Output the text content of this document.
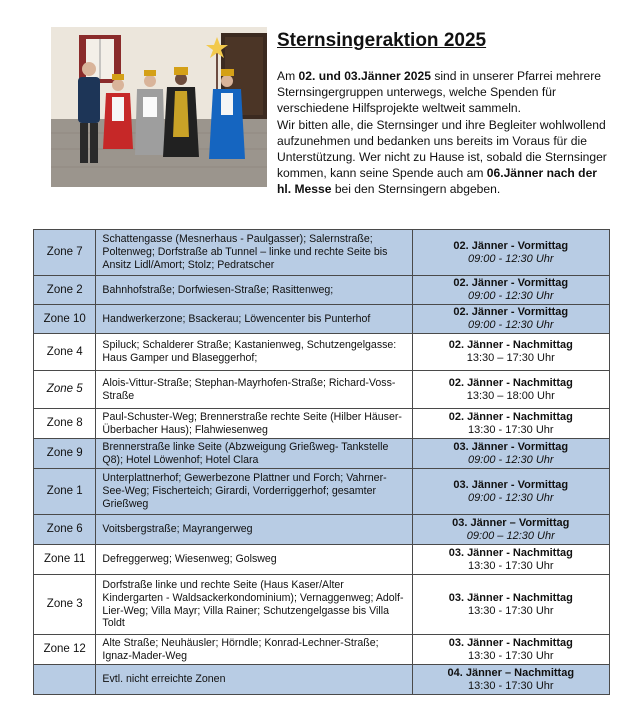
Sternsingeraktion 2025

Am 02. und 03.Jänner 2025 sind in unserer Pfarrei mehrere Sternsingergruppen unterwegs, welche Spenden für verschiedene Hilfsprojekte weltweit sammeln.

Wir bitten alle, die Sternsinger und ihre Begleiter wohlwollend aufzunehmen und bedanken uns bereits im Voraus für die Unterstützung. Wer nicht zu Hause ist, sobald die Sternsinger kommen, kann seine Spende auch am 06.Jänner nach der hl. Messe bei den Sternsingern abgeben.

Zone 7	Schattengasse (Mesnerhaus - Paulgasser); Salernstraße; Poltenweg; Dorfstraße ab Tunnel – linke und rechte Seite bis Ansitz Lidl/Amort; Stolz; Pedratscher	02. Jänner - Vormittag
09:00 - 12:30 Uhr

Zone 2	Bahnhofstraße; Dorfwiesen-Straße; Rasittenweg;	02. Jänner - Vormittag
09:00 - 12:30 Uhr

Zone 10	Handwerkerzone; Bsackerau; Löwencenter bis Punterhof	02. Jänner - Vormittag
09:00 - 12:30 Uhr

Zone 4	Spiluck; Schalderer Straße; Kastanienweg, Schutzengelgasse: Haus Gamper und Blaseggerhof;	02. Jänner - Nachmittag
13:30 – 17:30 Uhr

Zone 5	Alois-Vittur-Straße; Stephan-Mayrhofen-Straße; Richard-Voss-Straße	02. Jänner - Nachmittag
13:30 – 18:00 Uhr

Zone 8	Paul-Schuster-Weg; Brennerstraße rechte Seite (Hilber Häuser- Überbacher Haus); Flahwiesenweg	02. Jänner - Nachmittag
13:30 - 17:30 Uhr

Zone 9	Brennerstraße linke Seite (Abzweigung Grießweg- Tankstelle Q8); Hotel Löwenhof; Hotel Clara	03. Jänner - Vormittag
09:00 - 12:30 Uhr

Zone 1	Unterplattnerhof; Gewerbezone Plattner und Forch; Vahrner-See-Weg; Fischerteich; Girardi, Vorderriggerhof; gesamter Grießweg	03. Jänner - Vormittag
09:00 - 12:30 Uhr

Zone 6	Voitsbergstraße; Mayrangerweg	03. Jänner – Vormittag
09:00 – 12:30 Uhr

Zone 11	Defreggerweg; Wiesenweg; Golsweg	03. Jänner - Nachmittag
13:30 - 17:30 Uhr

Zone 3	Dorfstraße linke und rechte Seite (Haus Kaser/Alter Kindergarten - Waldsackerkondominium); Vernaggenweg; Adolf-Lier-Weg; Villa Mayr; Villa Rainer; Schutzengelgasse bis Villa Toldt	03. Jänner - Nachmittag
13:30 - 17:30 Uhr

Zone 12	Alte Straße; Neuhäusler; Hörndle; Konrad-Lechner-Straße; Ignaz-Mader-Weg	03. Jänner - Nachmittag
13:30 - 17:30 Uhr

	Evtl. nicht erreichte Zonen	04. Jänner – Nachmittag
13:30 - 17:30 Uhr
